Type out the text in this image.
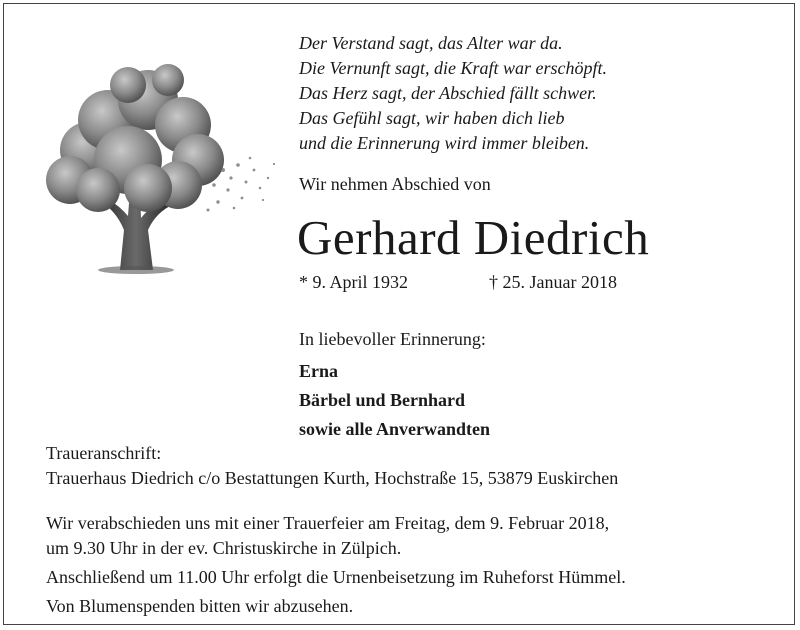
Der Verstand sagt, das Alter war da.
Die Vernunft sagt, die Kraft war erschöpft.
Das Herz sagt, der Abschied fällt schwer.
Das Gefühl sagt, wir haben dich lieb
und die Erinnerung wird immer bleiben.
Wir nehmen Abschied von
Gerhard Diedrich
* 9. April 1932	† 25. Januar 2018
In liebevoller Erinnerung:
Erna
Bärbel und Bernhard
sowie alle Anverwandten
Traueranschrift:
Trauerhaus Diedrich c/o Bestattungen Kurth, Hochstraße 15, 53879 Euskirchen
Wir verabschieden uns mit einer Trauerfeier am Freitag, dem 9. Februar 2018,
um 9.30 Uhr in der ev. Christuskirche in Zülpich.
Anschließend um 11.00 Uhr erfolgt die Urnenbeisetzung im Ruheforst Hümmel.
Von Blumenspenden bitten wir abzusehen.
